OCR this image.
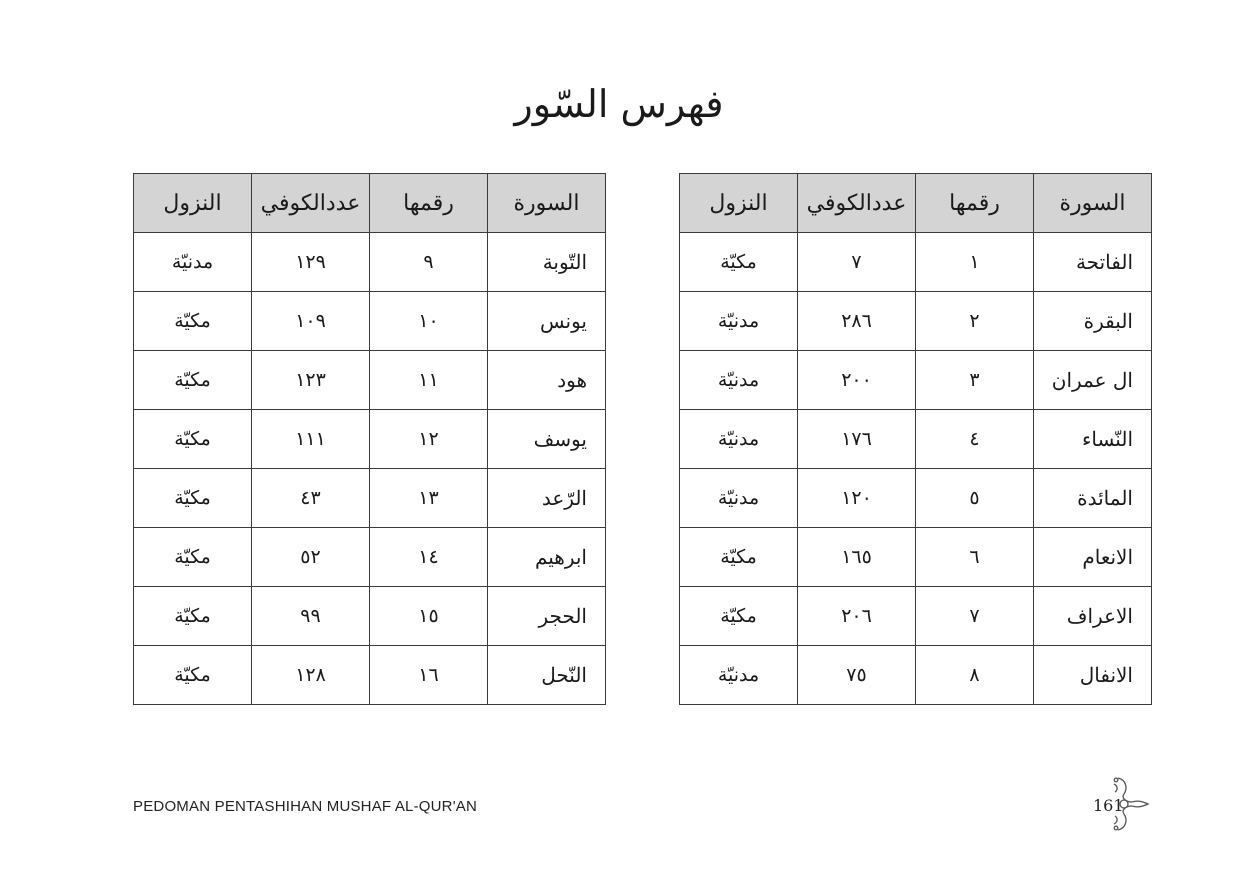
فهرس السّور
السورة	رقمها	عددالكوفي	النزول
الفاتحة	١	٧	مكيّة
البقرة	٢	٢٨٦	مدنيّة
ال عمران	٣	٢٠٠	مدنيّة
النّساء	٤	١٧٦	مدنيّة
المائدة	٥	١٢٠	مدنيّة
الانعام	٦	١٦٥	مكيّة
الاعراف	٧	٢٠٦	مكيّة
الانفال	٨	٧٥	مدنيّة
السورة	رقمها	عددالكوفي	النزول
التّوبة	٩	١٢٩	مدنيّة
يونس	١٠	١٠٩	مكيّة
هود	١١	١٢٣	مكيّة
يوسف	١٢	١١١	مكيّة
الرّعد	١٣	٤٣	مكيّة
ابرهيم	١٤	٥٢	مكيّة
الحجر	١٥	٩٩	مكيّة
النّحل	١٦	١٢٨	مكيّة
PEDOMAN PENTASHIHAN MUSHAF AL-QUR'AN	161
